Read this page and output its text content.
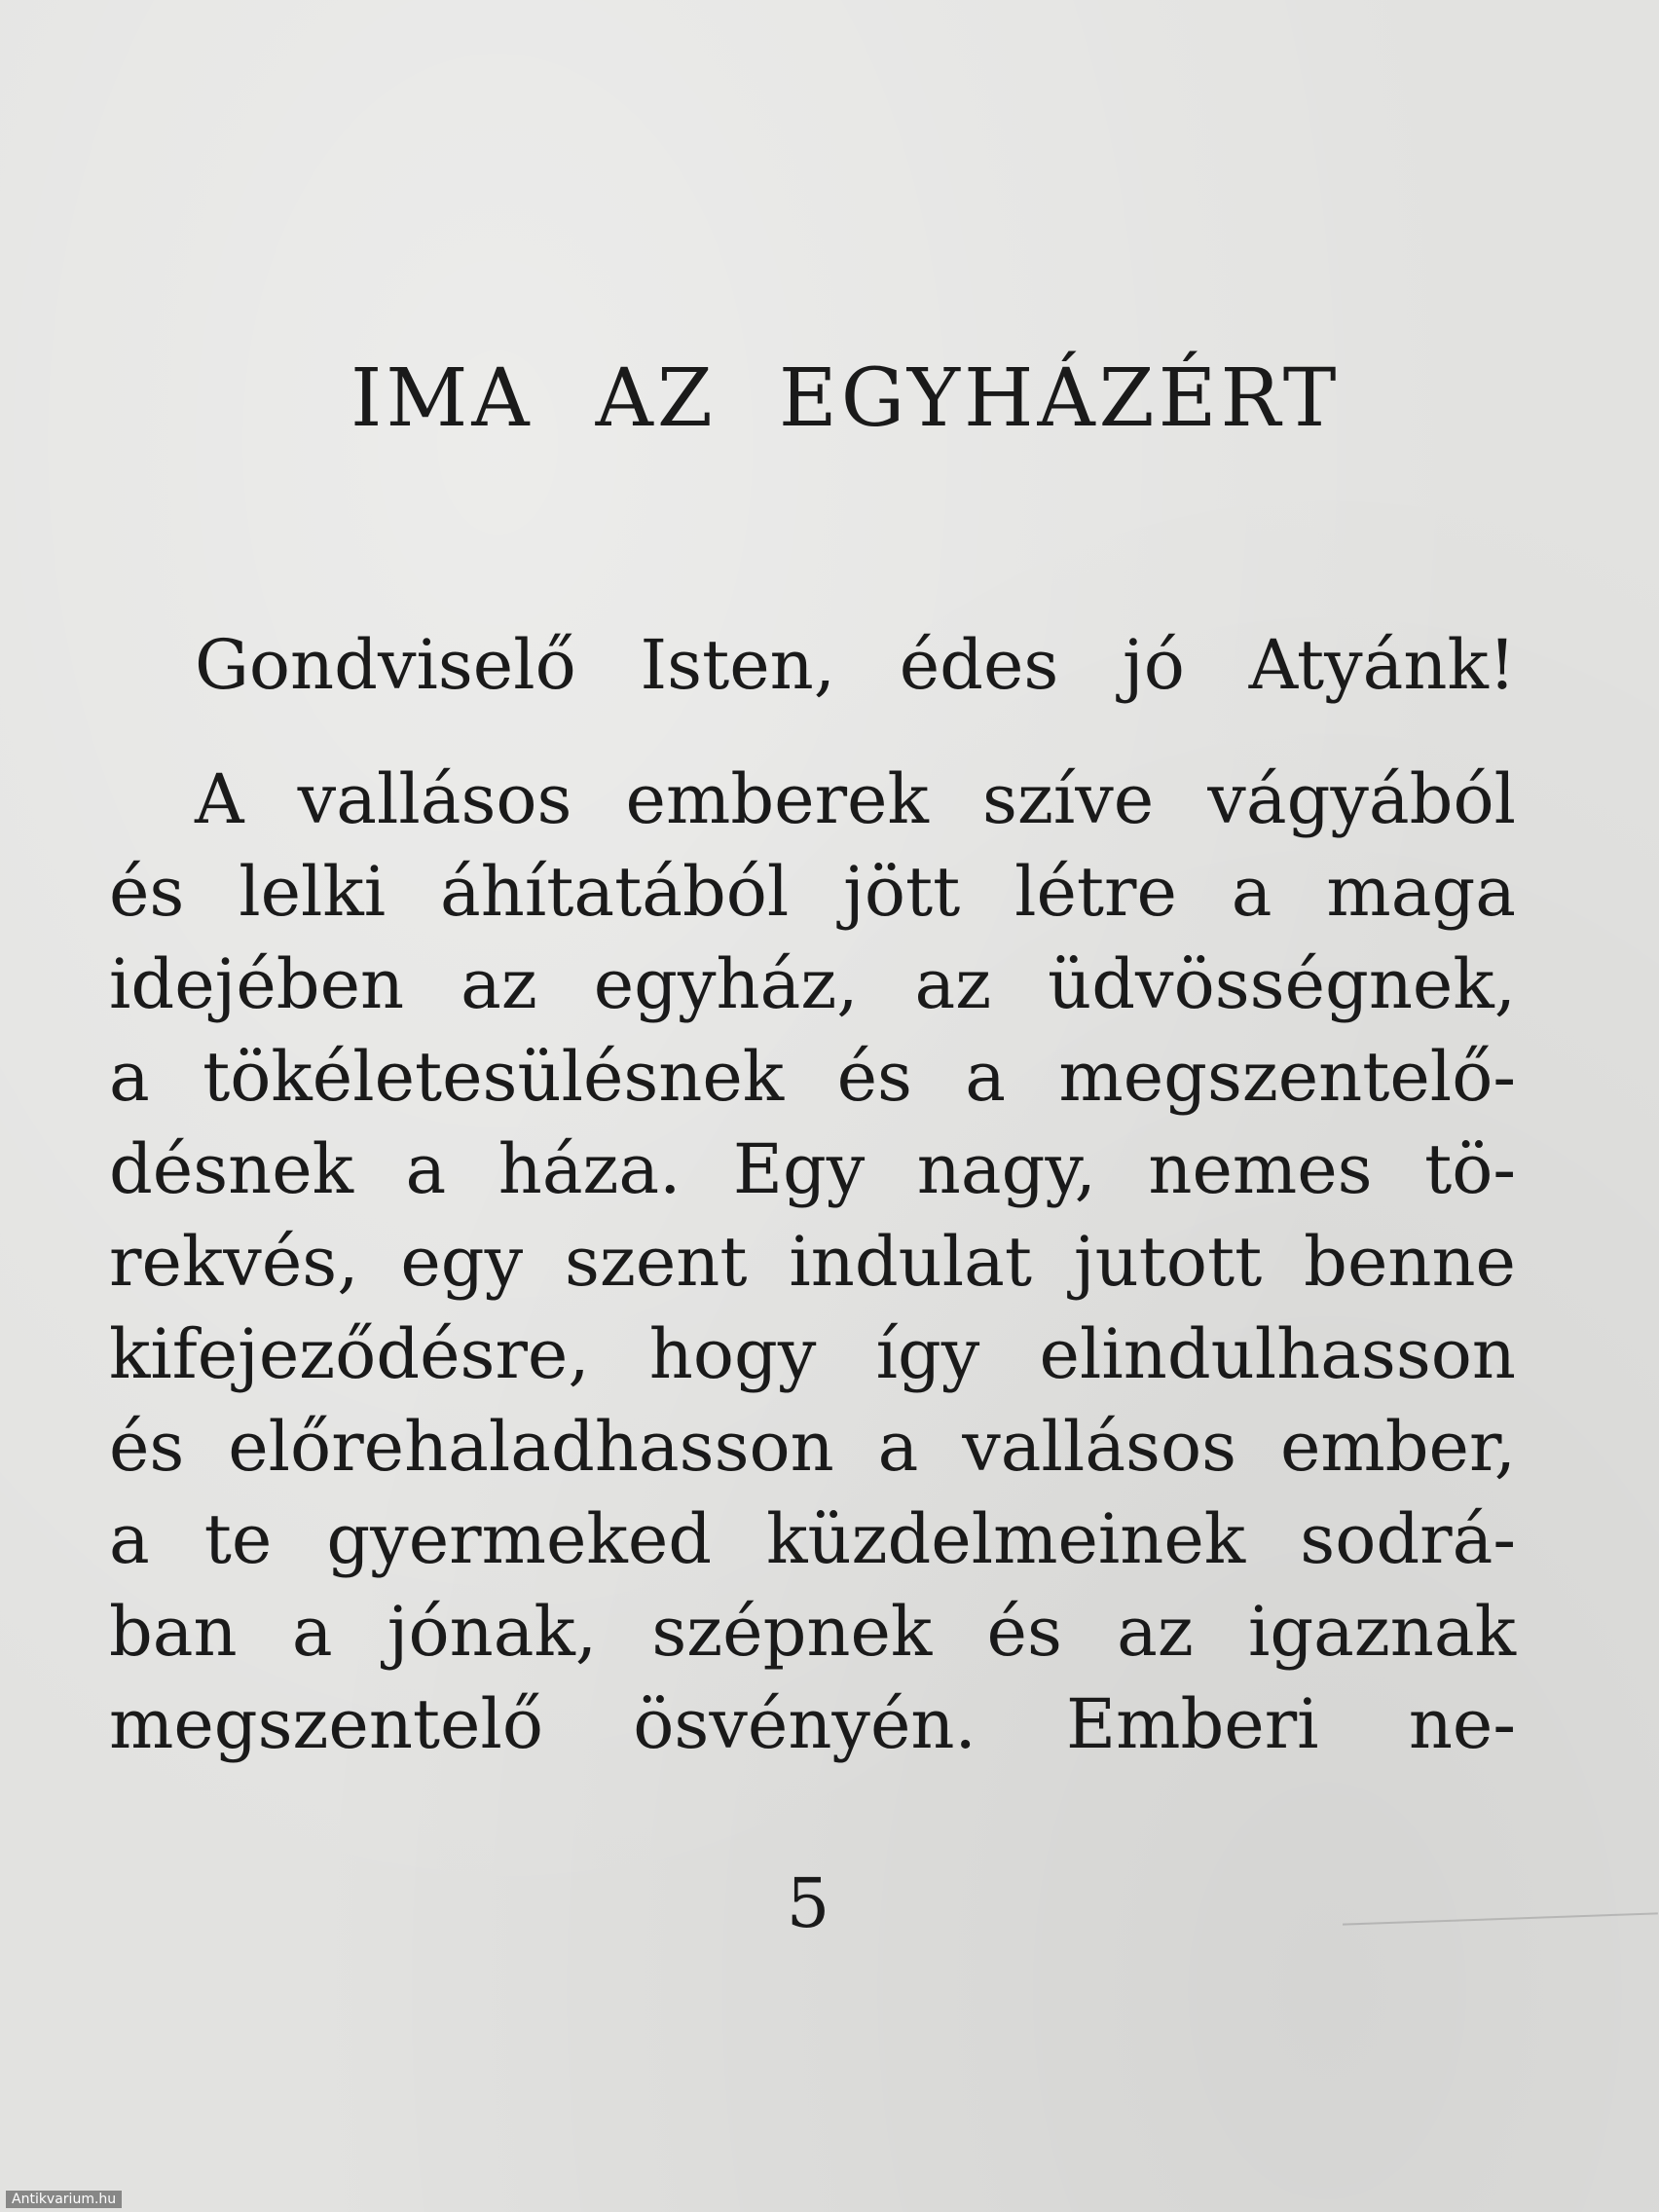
IMA AZ EGYHÁZÉRT
Gondviselő Isten, édes jó Atyánk!
A vallásos emberek szíve vágyából
és lelki áhítatából jött létre a maga
idejében az egyház, az üdvösségnek,
a tökéletesülésnek és a megszentelő-
désnek a háza. Egy nagy, nemes tö-
rekvés, egy szent indulat jutott benne
kifejeződésre, hogy így elindulhasson
és előrehaladhasson a vallásos ember,
a te gyermeked küzdelmeinek sodrá-
ban a jónak, szépnek és az igaznak
megszentelő ösvényén. Emberi ne-
5
Antikvarium.hu
